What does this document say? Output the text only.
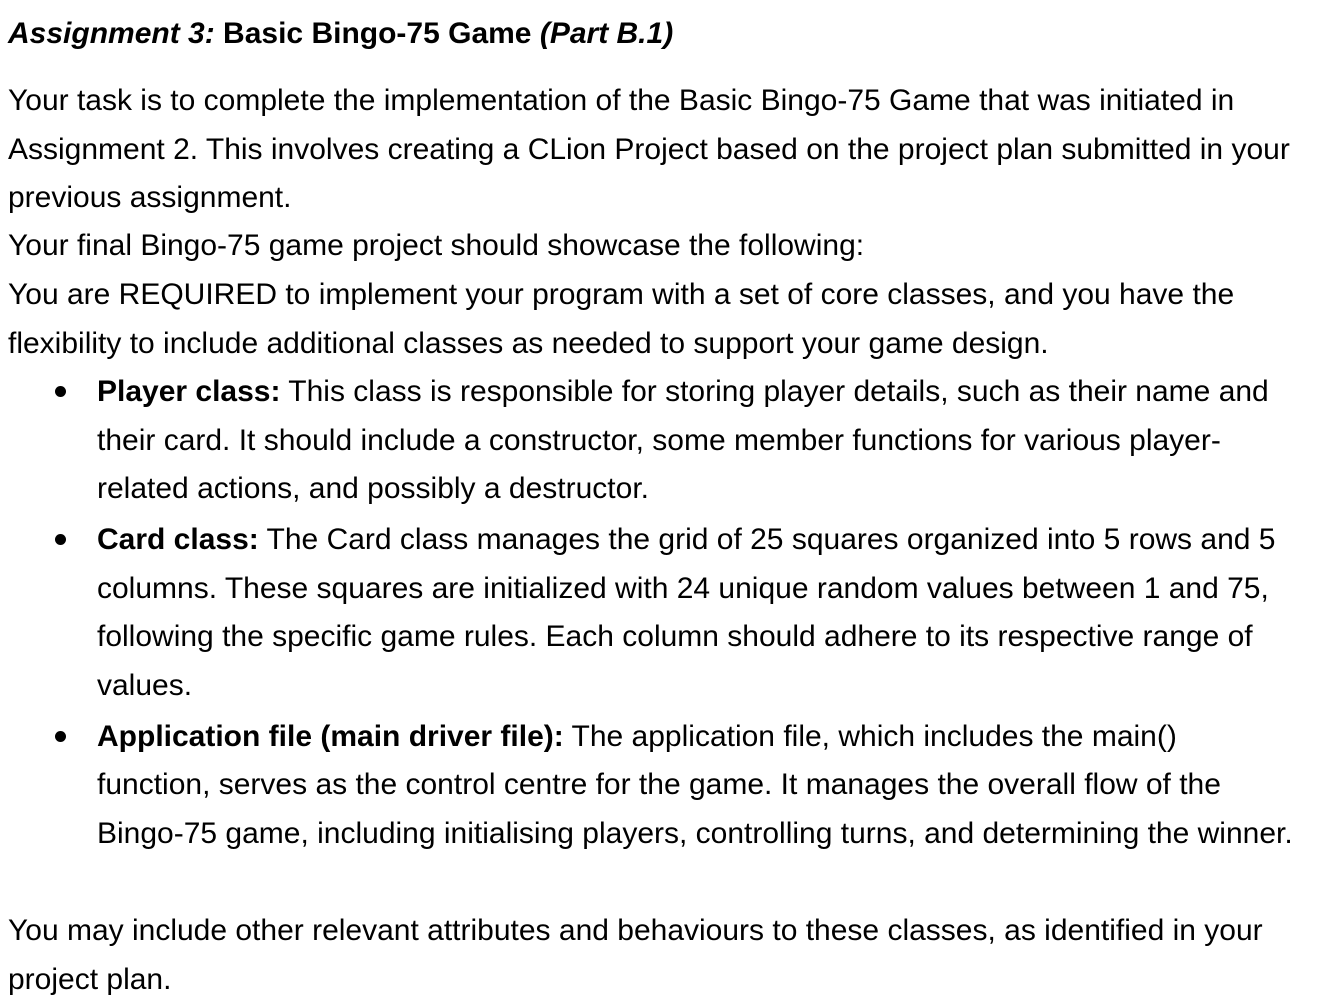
Assignment 3: Basic Bingo-75 Game (Part B.1)

Your task is to complete the implementation of the Basic Bingo-75 Game that was initiated in Assignment 2. This involves creating a CLion Project based on the project plan submitted in your previous assignment.

Your final Bingo-75 game project should showcase the following:

You are REQUIRED to implement your program with a set of core classes, and you have the flexibility to include additional classes as needed to support your game design.

Player class: This class is responsible for storing player details, such as their name and their card. It should include a constructor, some member functions for various player-related actions, and possibly a destructor.
Card class: The Card class manages the grid of 25 squares organized into 5 rows and 5 columns. These squares are initialized with 24 unique random values between 1 and 75, following the specific game rules. Each column should adhere to its respective range of values.
Application file (main driver file): The application file, which includes the main() function, serves as the control centre for the game. It manages the overall flow of the Bingo-75 game, including initialising players, controlling turns, and determining the winner.

You may include other relevant attributes and behaviours to these classes, as identified in your project plan.
